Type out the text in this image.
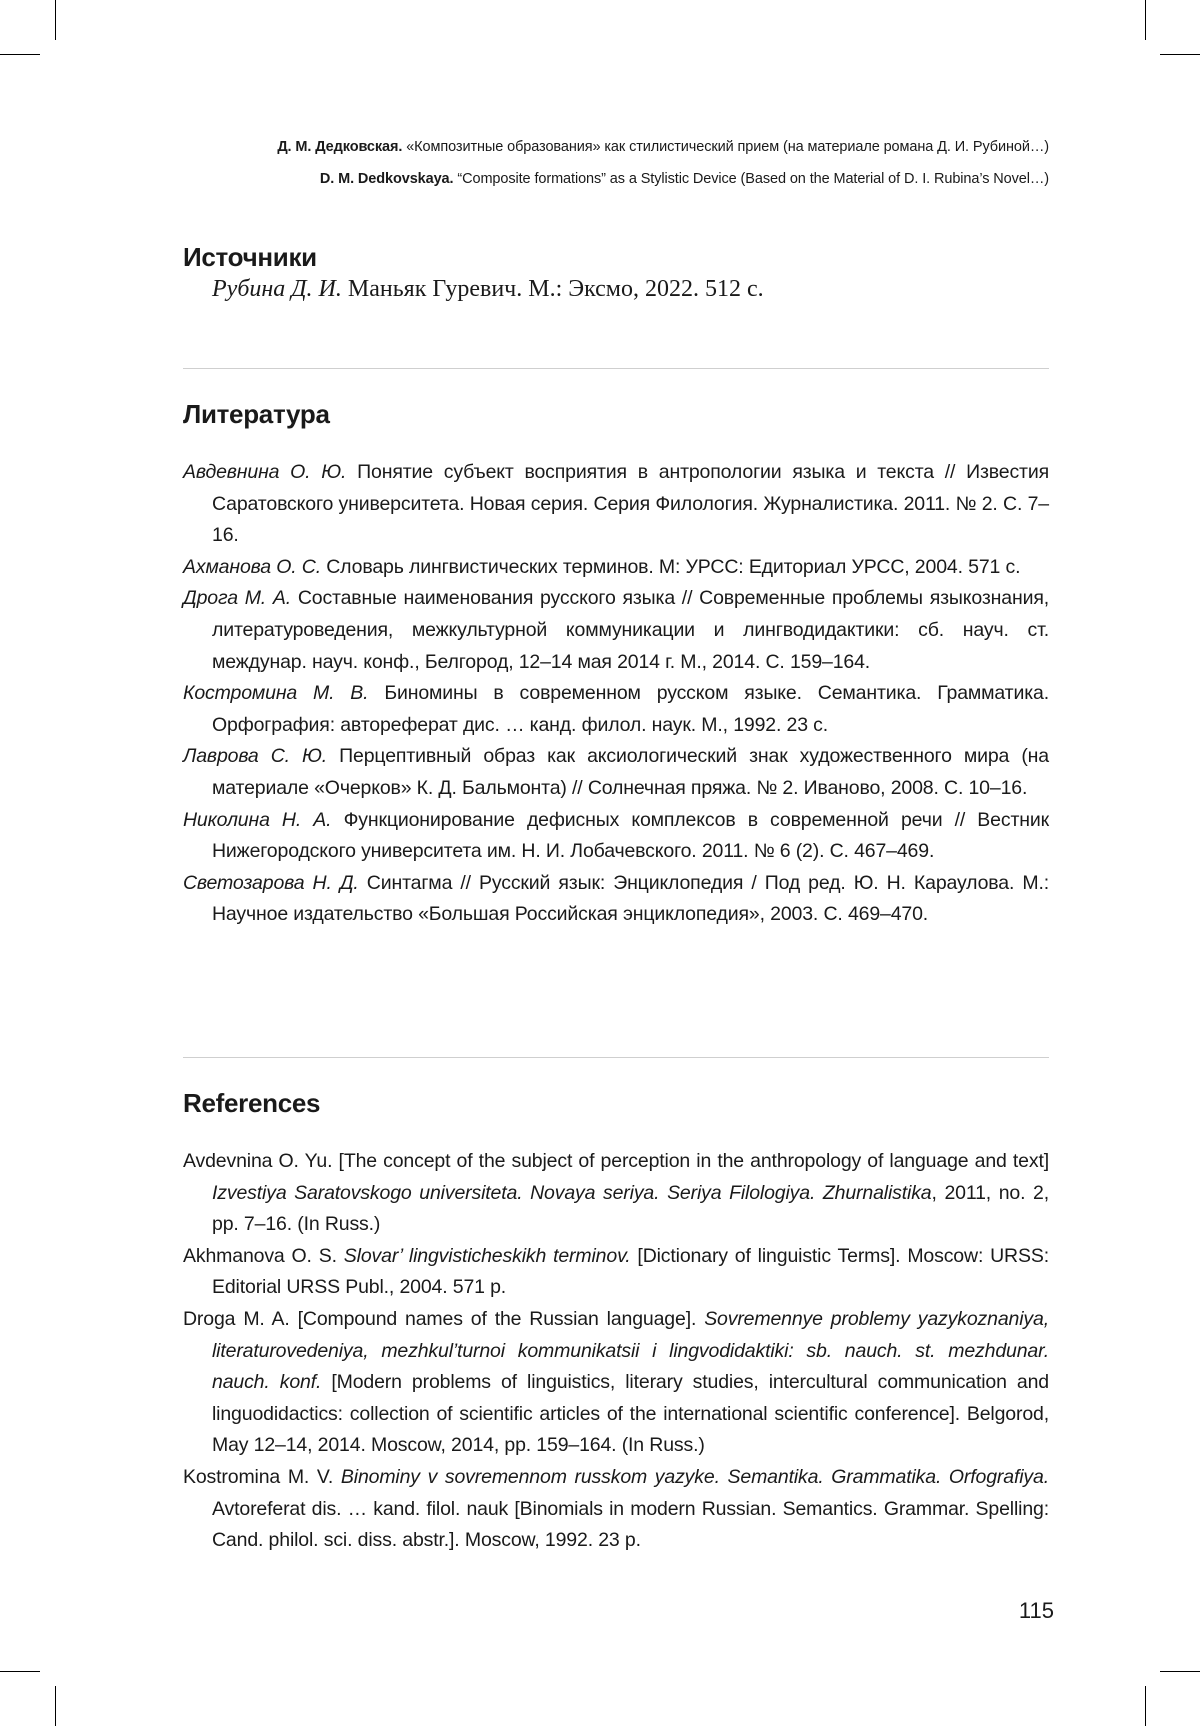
Д. М. Дедковская. «Композитные образования» как стилистический прием (на материале романа Д. И. Рубиной…)
D. M. Dedkovskaya. “Composite formations” as a Stylistic Device (Based on the Material of D. I. Rubina’s Novel…)
Источники
Рубина Д. И. Маньяк Гуревич. М.: Эксмо, 2022. 512 с.
Литература
Авдевнина О. Ю. Понятие субъект восприятия в антропологии языка и текста // Известия Саратовского университета. Новая серия. Серия Филология. Журналистика. 2011. № 2. С. 7–16.
Ахманова О. С. Словарь лингвистических терминов. М: УРСС: Едиториал УРСС, 2004. 571 с.
Дрога М. А. Составные наименования русского языка // Современные проблемы языкознания, литературоведения, межкультурной коммуникации и лингводидактики: сб. науч. ст. междунар. науч. конф., Белгород, 12–14 мая 2014 г. М., 2014. С. 159–164.
Костромина М. В. Биномины в современном русском языке. Семантика. Грамматика. Орфография: автореферат дис. … канд. филол. наук. М., 1992. 23 с.
Лаврова С. Ю. Перцептивный образ как аксиологический знак художественного мира (на материале «Очерков» К. Д. Бальмонта) // Солнечная пряжа. № 2. Иваново, 2008. С. 10–16.
Николина Н. А. Функционирование дефисных комплексов в современной речи // Вестник Нижегородского университета им. Н. И. Лобачевского. 2011. № 6 (2). С. 467–469.
Светозарова Н. Д. Синтагма // Русский язык: Энциклопедия / Под ред. Ю. Н. Караулова. М.: Научное издательство «Большая Российская энциклопедия», 2003. С. 469–470.
References
Avdevnina O. Yu. [The concept of the subject of perception in the anthropology of language and text] Izvestiya Saratovskogo universiteta. Novaya seriya. Seriya Filologiya. Zhurnalistika, 2011, no. 2, pp. 7–16. (In Russ.)
Akhmanova O. S. Slovar’ lingvisticheskikh terminov. [Dictionary of linguistic Terms]. Moscow: URSS: Editorial URSS Publ., 2004. 571 p.
Droga M. A. [Compound names of the Russian language]. Sovremennye problemy yazykoznaniya, literaturovedeniya, mezhkul’turnoi kommunikatsii i lingvodidaktiki: sb. nauch. st. mezhdunar. nauch. konf. [Modern problems of linguistics, literary studies, intercultural communication and linguodidactics: collection of scientific articles of the international scientific conference]. Belgorod, May 12–14, 2014. Moscow, 2014, pp. 159–164. (In Russ.)
Kostromina M. V. Binominy v sovremennom russkom yazyke. Semantika. Grammatika. Orfografiya. Avtoreferat dis. … kand. filol. nauk [Binomials in modern Russian. Semantics. Grammar. Spelling: Cand. philol. sci. diss. abstr.]. Moscow, 1992. 23 p.
115
